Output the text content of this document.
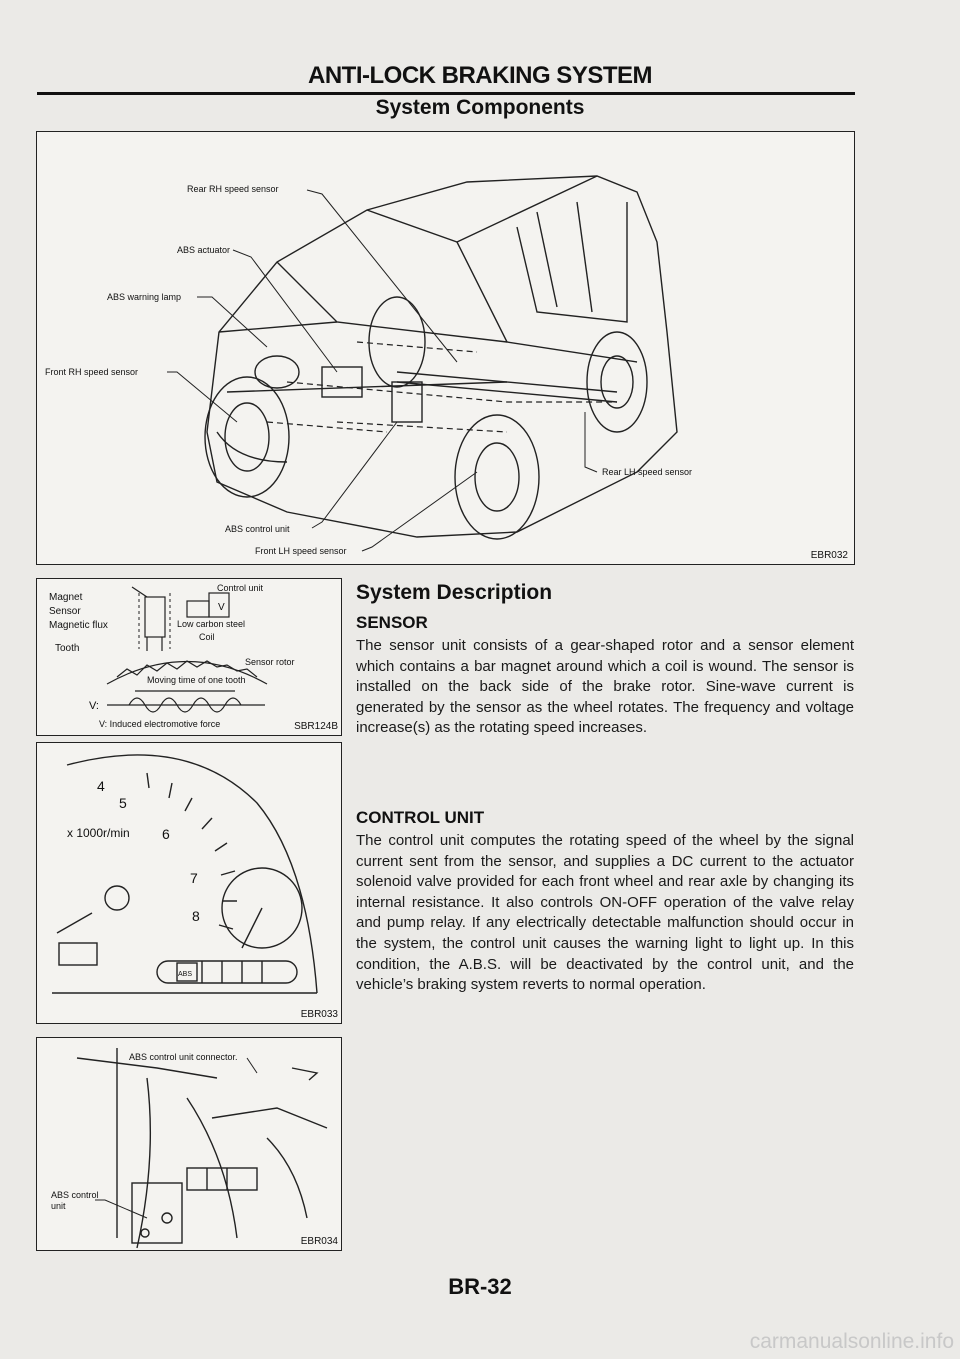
ANTI-LOCK BRAKING SYSTEM
System Components
Rear RH speed sensor
ABS actuator
ABS warning lamp
Front RH speed sensor
Rear LH speed sensor
ABS control unit
Front LH speed sensor	EBR032
Control unit
Magnet
Sensor
Magnetic flux
Tooth
V
Low carbon steel
Coil
Sensor rotor
Moving time of one tooth
V:
V: Induced electromotive force	SBR124B
4
5
x 1000r/min 6
7
8
ABS
EBR033
ABS control unit connector.
ABS control
unit
EBR034

System Description

SENSOR

The sensor unit consists of a gear-shaped rotor and a sensor element which contains a bar magnet around which a coil is wound. The sensor is installed on the back side of the brake rotor. Sine-wave current is generated by the sensor as the wheel rotates. The frequency and voltage increase(s) as the rotating speed increases.

CONTROL UNIT

The control unit computes the rotating speed of the wheel by the signal current sent from the sensor, and supplies a DC current to the actuator solenoid valve provided for each front wheel and rear axle by changing its internal resistance. It also controls ON-OFF operation of the valve relay and pump relay. If any electrically detectable malfunction should occur in the system, the control unit causes the warning light to light up. In this condition, the A.B.S. will be deactivated by the control unit, and the vehicle’s braking system reverts to normal operation.

BR-32
carmanualsonline.info
